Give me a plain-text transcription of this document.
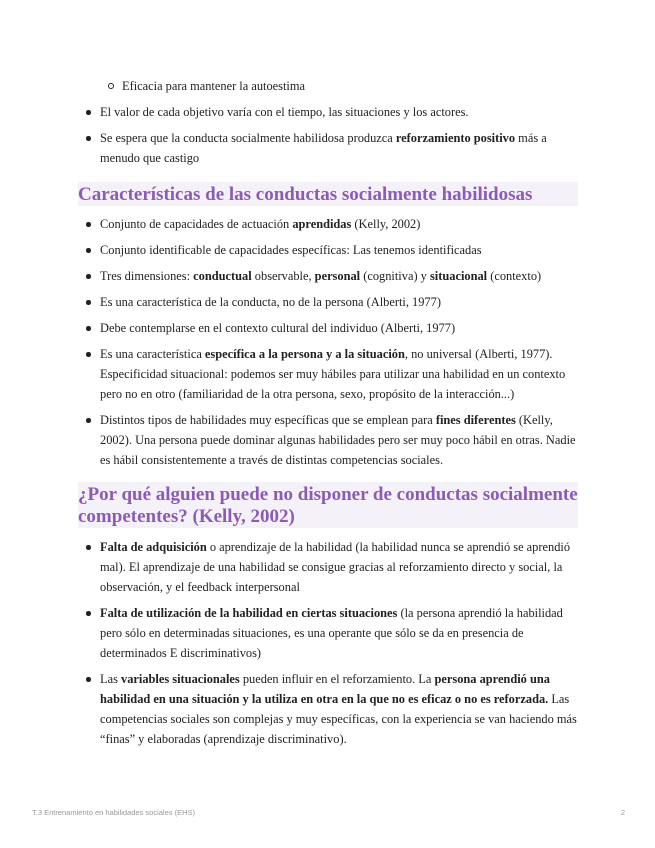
Eficacia para mantener la autoestima
El valor de cada objetivo varía con el tiempo, las situaciones y los actores.
Se espera que la conducta socialmente habilidosa produzca reforzamiento positivo más a menudo que castigo
Características de las conductas socialmente habilidosas
Conjunto de capacidades de actuación aprendidas (Kelly, 2002)
Conjunto identificable de capacidades específicas: Las tenemos identificadas
Tres dimensiones: conductual observable, personal (cognitiva) y situacional (contexto)
Es una característica de la conducta, no de la persona (Alberti, 1977)
Debe contemplarse en el contexto cultural del individuo (Alberti, 1977)
Es una característica específica a la persona y a la situación, no universal (Alberti, 1977). Especificidad situacional: podemos ser muy hábiles para utilizar una habilidad en un contexto pero no en otro (familiaridad de la otra persona, sexo, propósito de la interacción...)
Distintos tipos de habilidades muy específicas que se emplean para fines diferentes (Kelly, 2002). Una persona puede dominar algunas habilidades pero ser muy poco hábil en otras. Nadie es hábil consistentemente a través de distintas competencias sociales.
¿Por qué alguien puede no disponer de conductas socialmente competentes? (Kelly, 2002)
Falta de adquisición o aprendizaje de la habilidad (la habilidad nunca se aprendió se aprendió mal). El aprendizaje de una habilidad se consigue gracias al reforzamiento directo y social, la observación, y el feedback interpersonal
Falta de utilización de la habilidad en ciertas situaciones (la persona aprendió la habilidad pero sólo en determinadas situaciones, es una operante que sólo se da en presencia de determinados E discriminativos)
Las variables situacionales pueden influir en el reforzamiento. La persona aprendió una habilidad en una situación y la utiliza en otra en la que no es eficaz o no es reforzada. Las competencias sociales son complejas y muy específicas, con la experiencia se van haciendo más “finas” y elaboradas (aprendizaje discriminativo).
T.3 Entrenamiento en habilidades sociales (EHS)	2
